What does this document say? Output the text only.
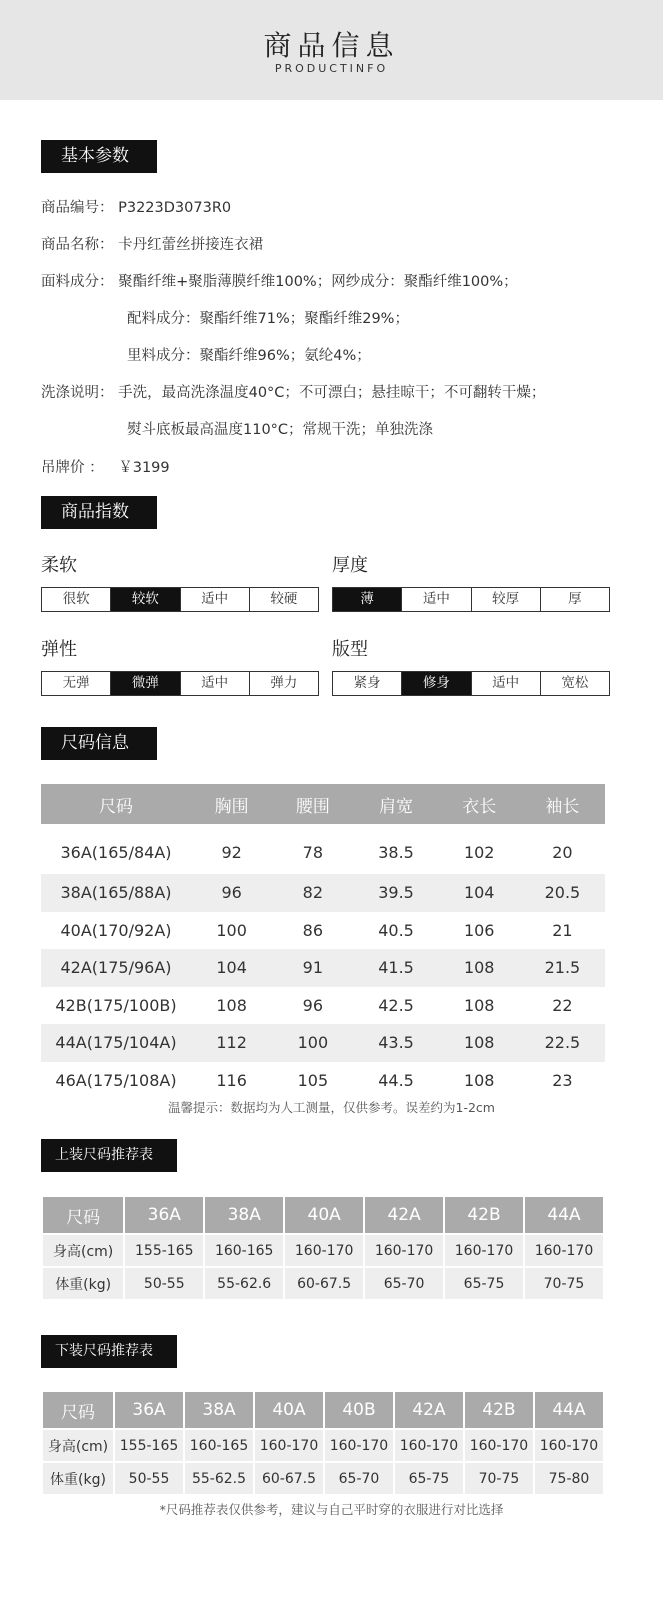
商品信息
PRODUCTINFO
基本参数
商品编号： P3223D3073R0
商品名称： 卡丹红蕾丝拼接连衣裙
面料成分： 聚酯纤维+聚脂薄膜纤维100%；网纱成分：聚酯纤维100%；
配料成分：聚酯纤维71%；聚酯纤维29%；
里料成分：聚酯纤维96%；氨纶4%；
洗涤说明： 手洗，最高洗涤温度40°C；不可漂白；悬挂晾干；不可翻转干燥；
熨斗底板最高温度110°C；常规干洗；单独洗涤
吊牌价 ： ￥3199
商品指数
柔软
很软	较软	适中	较硬
厚度
薄	适中	较厚	厚
弹性
无弹	微弹	适中	弹力
版型
紧身	修身	适中	宽松
尺码信息
尺码	胸围	腰围	肩宽	衣长	袖长
36A(165/84A)	92	78	38.5	102	20
38A(165/88A)	96	82	39.5	104	20.5
40A(170/92A)	100	86	40.5	106	21
42A(175/96A)	104	91	41.5	108	21.5
42B(175/100B)	108	96	42.5	108	22
44A(175/104A)	112	100	43.5	108	22.5
46A(175/108A)	116	105	44.5	108	23
温馨提示：数据均为人工测量，仅供参考。误差约为1-2cm
上装尺码推荐表
尺码	36A	38A	40A	42A	42B	44A
身高(cm)	155-165	160-165	160-170	160-170	160-170	160-170
体重(kg)	50-55	55-62.6	60-67.5	65-70	65-75	70-75
下装尺码推荐表
尺码	36A	38A	40A	40B	42A	42B	44A
身高(cm)	155-165	160-165	160-170	160-170	160-170	160-170	160-170
体重(kg)	50-55	55-62.5	60-67.5	65-70	65-75	70-75	75-80
*尺码推荐表仅供参考，建议与自己平时穿的衣服进行对比选择
